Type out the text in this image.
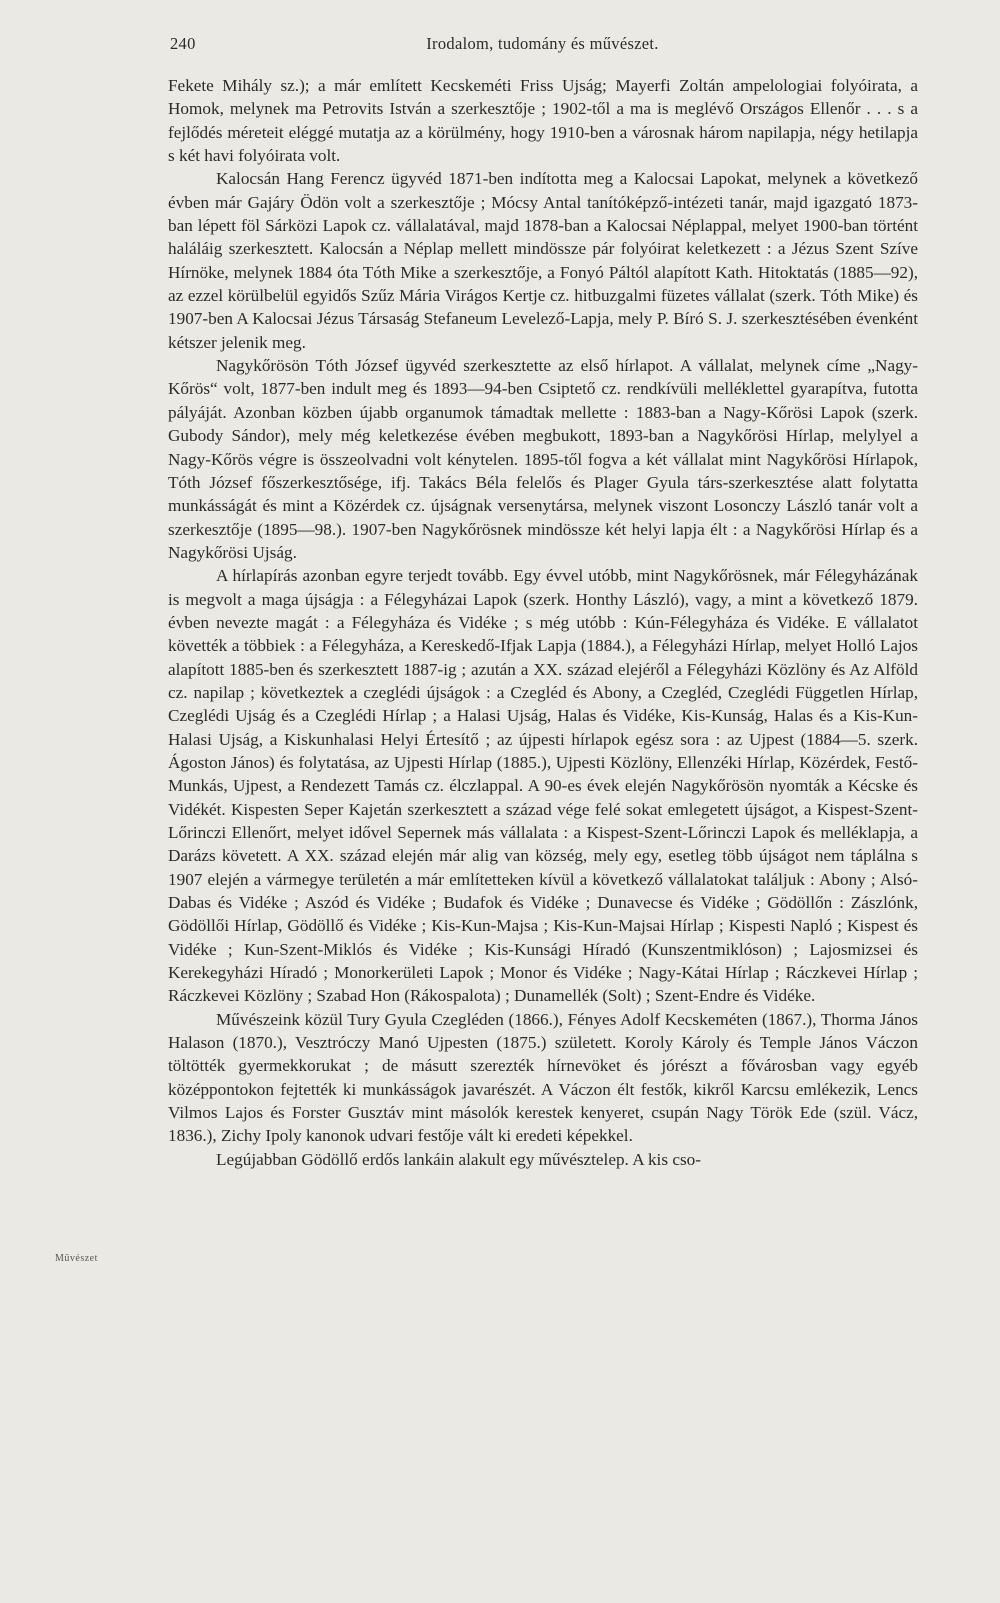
240	Irodalom, tudomány és művészet.
Művészet

Fekete Mihály sz.); a már említett Kecskeméti Friss Ujság; Mayerfi Zoltán ampelologiai folyóirata, a Homok, melynek ma Petrovits István a szerkesztője ; 1902-től a ma is meglévő Országos Ellenőr . . . s a fejlődés méreteit eléggé mutatja az a körülmény, hogy 1910-ben a városnak három napilapja, négy hetilapja s két havi folyóirata volt.

Kalocsán Hang Ferencz ügyvéd 1871-ben indította meg a Kalocsai Lapokat, melynek a következő évben már Gajáry Ödön volt a szerkesztője ; Mócsy Antal tanítóképző-intézeti tanár, majd igazgató 1873-ban lépett föl Sárközi Lapok cz. vállalatával, majd 1878-ban a Kalocsai Néplappal, melyet 1900-ban történt haláláig szerkesztett. Kalocsán a Néplap mellett mindössze pár folyóirat keletkezett : a Jézus Szent Szíve Hírnöke, melynek 1884 óta Tóth Mike a szerkesztője, a Fonyó Páltól alapított Kath. Hitoktatás (1885—92), az ezzel körülbelül egyidős Szűz Mária Virágos Kertje cz. hitbuzgalmi füzetes vállalat (szerk. Tóth Mike) és 1907-ben A Kalocsai Jézus Társaság Stefaneum Levelező-Lapja, mely P. Bíró S. J. szerkesztésében évenként kétszer jelenik meg.

Nagykőrösön Tóth József ügyvéd szerkesztette az első hírlapot. A vállalat, melynek címe „Nagy-Kőrös“ volt, 1877-ben indult meg és 1893—94-ben Csiptető cz. rendkívüli melléklettel gyarapítva, futotta pályáját. Azonban közben újabb organumok támadtak mellette : 1883-ban a Nagy-Kőrösi Lapok (szerk. Gubody Sándor), mely még keletkezése évében megbukott, 1893-ban a Nagykőrösi Hírlap, melylyel a Nagy-Kőrös végre is összeolvadni volt kénytelen. 1895-től fogva a két vállalat mint Nagykőrösi Hírlapok, Tóth József főszerkesztősége, ifj. Takács Béla felelős és Plager Gyula társ-szerkesztése alatt folytatta munkásságát és mint a Közérdek cz. újságnak versenytársa, melynek viszont Losonczy László tanár volt a szerkesztője (1895—98.). 1907-ben Nagykőrösnek mindössze két helyi lapja élt : a Nagykőrösi Hírlap és a Nagykőrösi Ujság.

A hírlapírás azonban egyre terjedt tovább. Egy évvel utóbb, mint Nagykőrösnek, már Félegyházának is megvolt a maga újságja : a Félegyházai Lapok (szerk. Honthy László), vagy, a mint a következő 1879. évben nevezte magát : a Félegyháza és Vidéke ; s még utóbb : Kún-Félegyháza és Vidéke. E vállalatot követték a többiek : a Félegyháza, a Kereskedő-Ifjak Lapja (1884.), a Félegyházi Hírlap, melyet Holló Lajos alapított 1885-ben és szerkesztett 1887-ig ; azután a XX. század elejéről a Félegyházi Közlöny és Az Alföld cz. napilap ; következtek a czeglédi újságok : a Czegléd és Abony, a Czegléd, Czeglédi Független Hírlap, Czeglédi Ujság és a Czeglédi Hírlap ; a Halasi Ujság, Halas és Vidéke, Kis-Kunság, Halas és a Kis-Kun-Halasi Ujság, a Kiskunhalasi Helyi Értesítő ; az újpesti hírlapok egész sora : az Ujpest (1884—5. szerk. Ágoston János) és folytatása, az Ujpesti Hírlap (1885.), Ujpesti Közlöny, Ellenzéki Hírlap, Közérdek, Festő-Munkás, Ujpest, a Rendezett Tamás cz. élczlappal. A 90-es évek elején Nagykőrösön nyomták a Kécske és Vidékét. Kispesten Seper Kajetán szerkesztett a század vége felé sokat emlegetett újságot, a Kispest-Szent-Lőrinczi Ellenőrt, melyet idővel Sepernek más vállalata : a Kispest-Szent-Lőrinczi Lapok és melléklapja, a Darázs követett. A XX. század elején már alig van község, mely egy, esetleg több újságot nem táplálna s 1907 elején a vármegye területén a már említetteken kívül a következő vállalatokat találjuk : Abony ; Alsó-Dabas és Vidéke ; Aszód és Vidéke ; Budafok és Vidéke ; Dunavecse és Vidéke ; Gödöllőn : Zászlónk, Gödöllői Hírlap, Gödöllő és Vidéke ; Kis-Kun-Majsa ; Kis-Kun-Majsai Hírlap ; Kispesti Napló ; Kispest és Vidéke ; Kun-Szent-Miklós és Vidéke ; Kis-Kunsági Híradó (Kunszentmiklóson) ; Lajosmizsei és Kerekegyházi Híradó ; Monorkerületi Lapok ; Monor és Vidéke ; Nagy-Kátai Hírlap ; Ráczkevei Hírlap ; Ráczkevei Közlöny ; Szabad Hon (Rákospalota) ; Dunamellék (Solt) ; Szent-Endre és Vidéke.

Művészeink közül Tury Gyula Czegléden (1866.), Fényes Adolf Kecskeméten (1867.), Thorma János Halason (1870.), Vesztróczy Manó Ujpesten (1875.) született. Koroly Károly és Temple János Váczon töltötték gyermekkorukat ; de másutt szerezték hírnevöket és jórészt a fővárosban vagy egyéb középpontokon fejtették ki munkásságok javarészét. A Váczon élt festők, kikről Karcsu emlékezik, Lencs Vilmos Lajos és Forster Gusztáv mint másolók kerestek kenyeret, csupán Nagy Török Ede (szül. Vácz, 1836.), Zichy Ipoly kanonok udvari festője vált ki eredeti képekkel.

Legújabban Gödöllő erdős lankáin alakult egy művésztelep. A kis cso-
